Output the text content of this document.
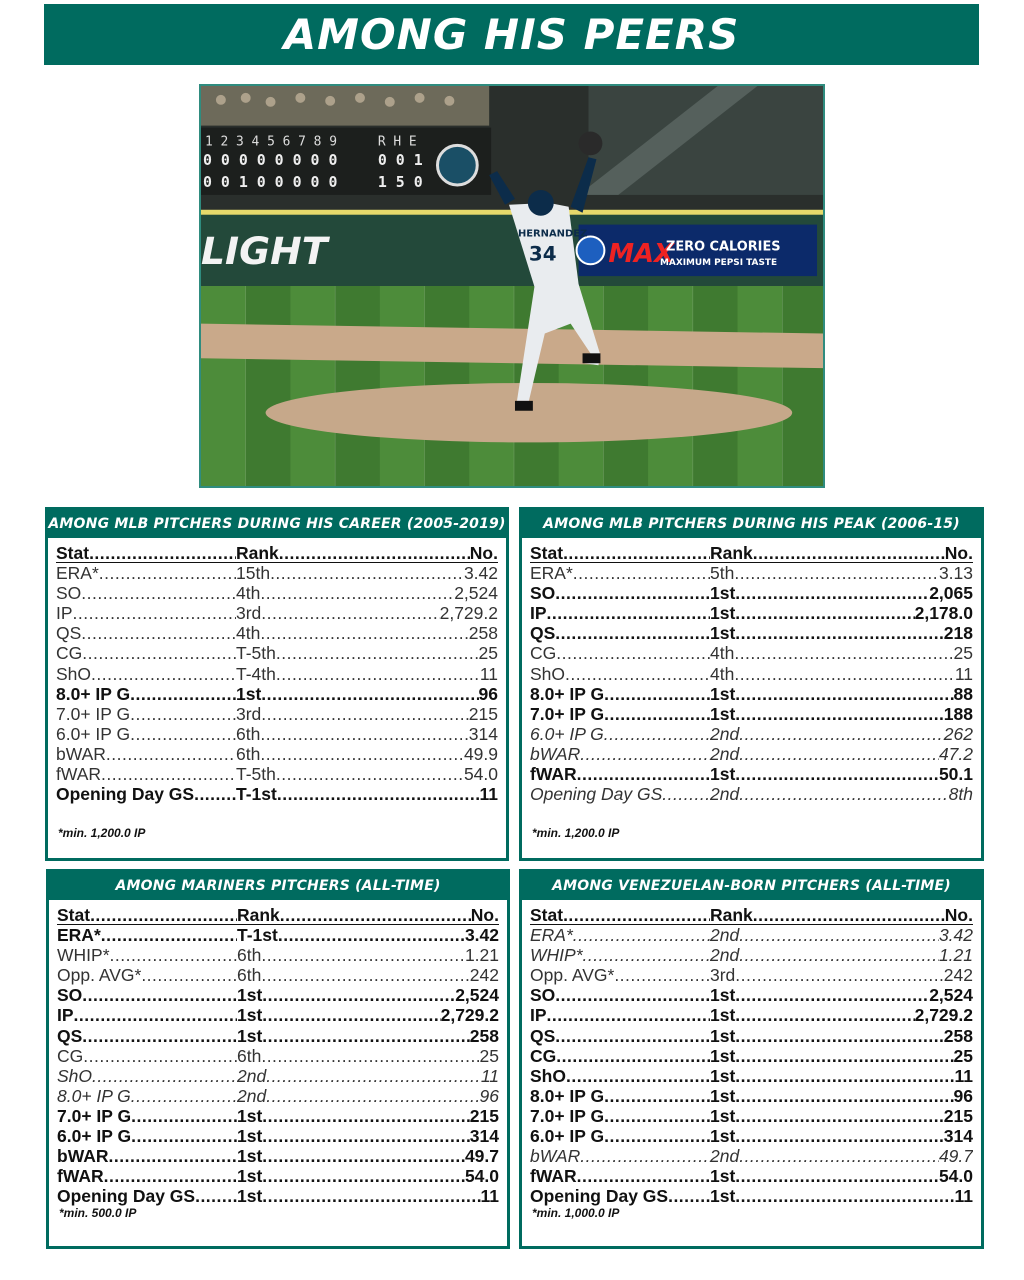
AMONG HIS PEERS
1 2 3 4 5 6 7 8 9	R H E
0 0 0 0 0 0 0 0	0 0 1
0 0 1 0 0 0 0 0	1 5 0
LIGHT	MAX
ZERO CALORIES
MAXIMUM PEPSI TASTE
HERNANDEZ
34
AMONG MLB PITCHERS DURING HIS CAREER (2005-2019)
Stat .....	Rank .....	No.
ERA* .....	15th .....	3.42
SO .....	4th .....	2,524
IP .....	3rd .....	2,729.2
QS .....	4th .....	258
CG .....	T-5th .....	25
ShO .....	T-4th .....	11
8.0+ IP G .....	1st .....	96
7.0+ IP G .....	3rd .....	215
6.0+ IP G .....	6th .....	314
bWAR .....	6th .....	49.9
fWAR .....	T-5th .....	54.0
Opening Day GS ..... T-1st .....	11
*min. 1,200.0 IP
AMONG MLB PITCHERS DURING HIS PEAK (2006-15)
Stat .....	Rank .....	No.
ERA* .....	5th .....	3.13
SO .....	1st .....	2,065
IP .....	1st .....	2,178.0
QS .....	1st .....	218
CG .....	4th .....	25
ShO .....	4th .....	11
8.0+ IP G .....	1st .....	88
7.0+ IP G .....	1st .....	188
6.0+ IP G .....	2nd .....	262
bWAR .....	2nd .....	47.2
fWAR .....	1st .....	50.1
Opening Day GS .....	2nd .....	8th
*min. 1,200.0 IP
AMONG MARINERS PITCHERS (ALL-TIME)
Stat .....	Rank .....	No.
ERA* .....	T-1st .....	3.42
WHIP* .....	6th .....	1.21
Opp. AVG* .....	6th .....	.242
SO .....	1st .....	2,524
IP .....	1st .....	2,729.2
QS .....	1st .....	258
CG .....	6th .....	25
ShO .....	2nd .....	11
8.0+ IP G .....	2nd .....	96
7.0+ IP G .....	1st .....	215
6.0+ IP G .....	1st .....	314
bWAR .....	1st .....	49.7
fWAR .....	1st .....	54.0
Opening Day GS ..... 1st .....	11
*min. 500.0 IP
AMONG VENEZUELAN-BORN PITCHERS (ALL-TIME)
Stat .....	Rank .....	No.
ERA* .....	2nd .....	3.42
WHIP* .....	2nd .....	1.21
Opp. AVG* .....	3rd .....	.242
SO .....	1st .....	2,524
IP .....	1st .....	2,729.2
QS .....	1st .....	258
CG .....	1st .....	25
ShO .....	1st .....	11
8.0+ IP G .....	1st .....	96
7.0+ IP G .....	1st .....	215
6.0+ IP G .....	1st .....	314
bWAR .....	2nd .....	49.7
fWAR .....	1st .....	54.0
Opening Day GS ..... 1st .....	11
*min. 1,000.0 IP
